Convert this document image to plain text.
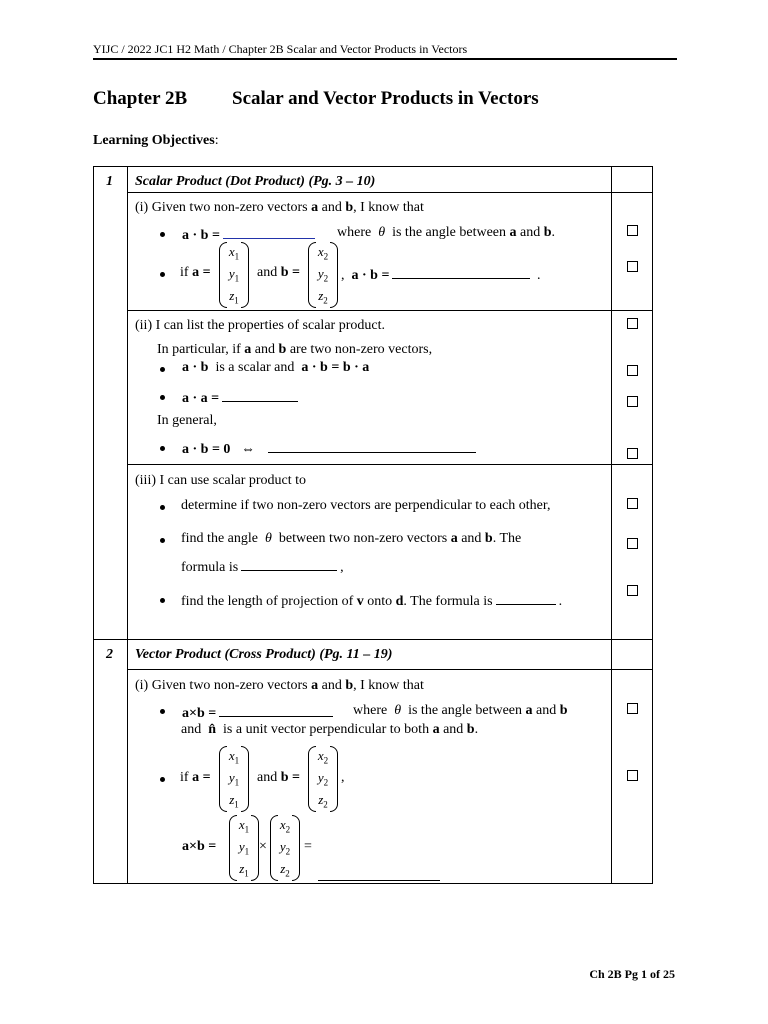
YIJC / 2022 JC1 H2 Math / Chapter 2B Scalar and Vector Products in Vectors
Chapter 2B Scalar and Vector Products in Vectors
Learning Objectives:
1 Scalar Product (Dot Product) (Pg. 3 – 10)
(i) Given two non-zero vectors a and b, I know that
a · b =	where θ is the angle between a and b.
if a =
$x_1$
$y_1$
$z_1$
and b =
$x_2$
$y_2$
$z_2$
, a · b =	.
(ii) I can list the properties of scalar product.
In particular, if a and b are two non-zero vectors,
a · b is a scalar and a · b = b · a
a · a =
In general,
a · b = 0 ⇔
(iii) I can use scalar product to
determine if two non-zero vectors are perpendicular to each other,
find the angle θ between two non-zero vectors a and b. The
formula is	,
find the length of projection of v onto d. The formula is	.
2 Vector Product (Cross Product) (Pg. 11 – 19)
(i) Given two non-zero vectors a and b, I know that
a×b =	where θ is the angle between a and b
and n̂ is a unit vector perpendicular to both a and b.
if a =
$x_1$
$y_1$
$z_1$
and b =
$x_2$
$y_2$
$z_2$
,
a×b =
$x_1$
$y_1$
$z_1$
×
$x_2$
$y_2$
$z_2$
=
Ch 2B Pg 1 of 25
